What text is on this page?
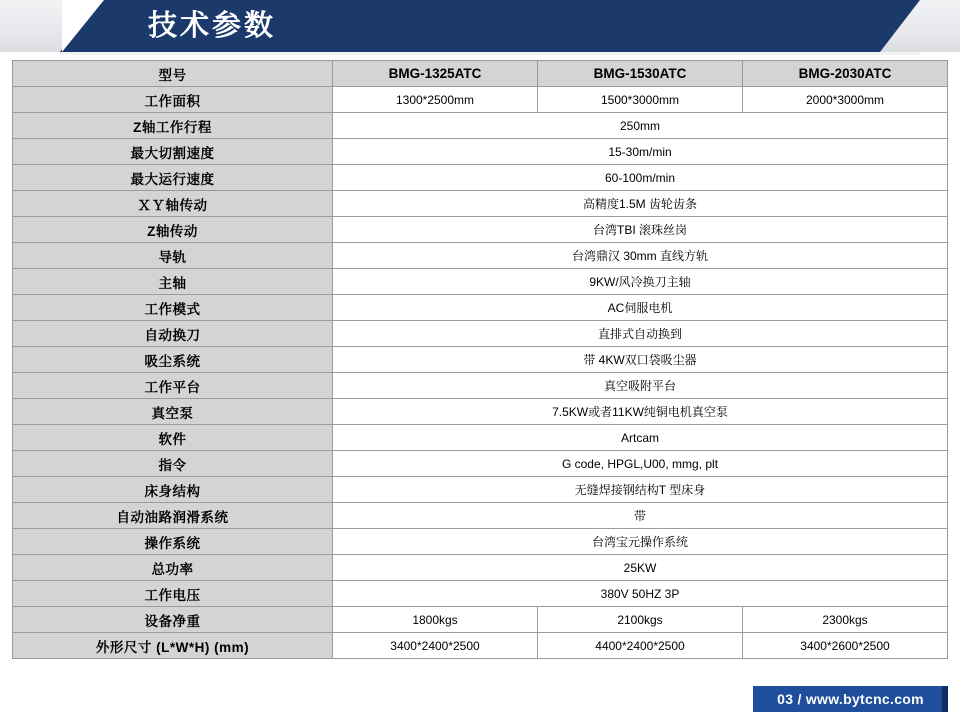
技术参数
型号	BMG-1325ATC	BMG-1530ATC	BMG-2030ATC
工作面积	1300*2500mm	1500*3000mm	2000*3000mm
Z轴工作行程	250mm		
最大切割速度	15-30m/min		
最大运行速度	60-100m/min		
ＸＹ轴传动	高精度1.5M 齿轮齿条		
Z轴传动	台湾TBI 滚珠丝岗		
导轨	台湾鼎汉 30mm 直线方轨		
主轴	9KW/风冷换刀主轴		
工作模式	AC伺服电机		
自动换刀	直排式自动换到		
吸尘系统	带 4KW双口袋吸尘器		
工作平台	真空吸附平台		
真空泵	7.5KW或者11KW纯铜电机真空泵		
软件	Artcam		
指令	G code, HPGL,U00, mmg, plt		
床身结构	无缝焊接钢结构T 型床身		
自动油路润滑系统	带		
操作系统	台湾宝元操作系统		
总功率	25KW		
工作电压	380V 50HZ 3P		
设备净重	1800kgs	2100kgs	2300kgs
外形尺寸 (L*W*H) (mm)	3400*2400*2500	4400*2400*2500	3400*2600*2500
03 / www.bytcnc.com
